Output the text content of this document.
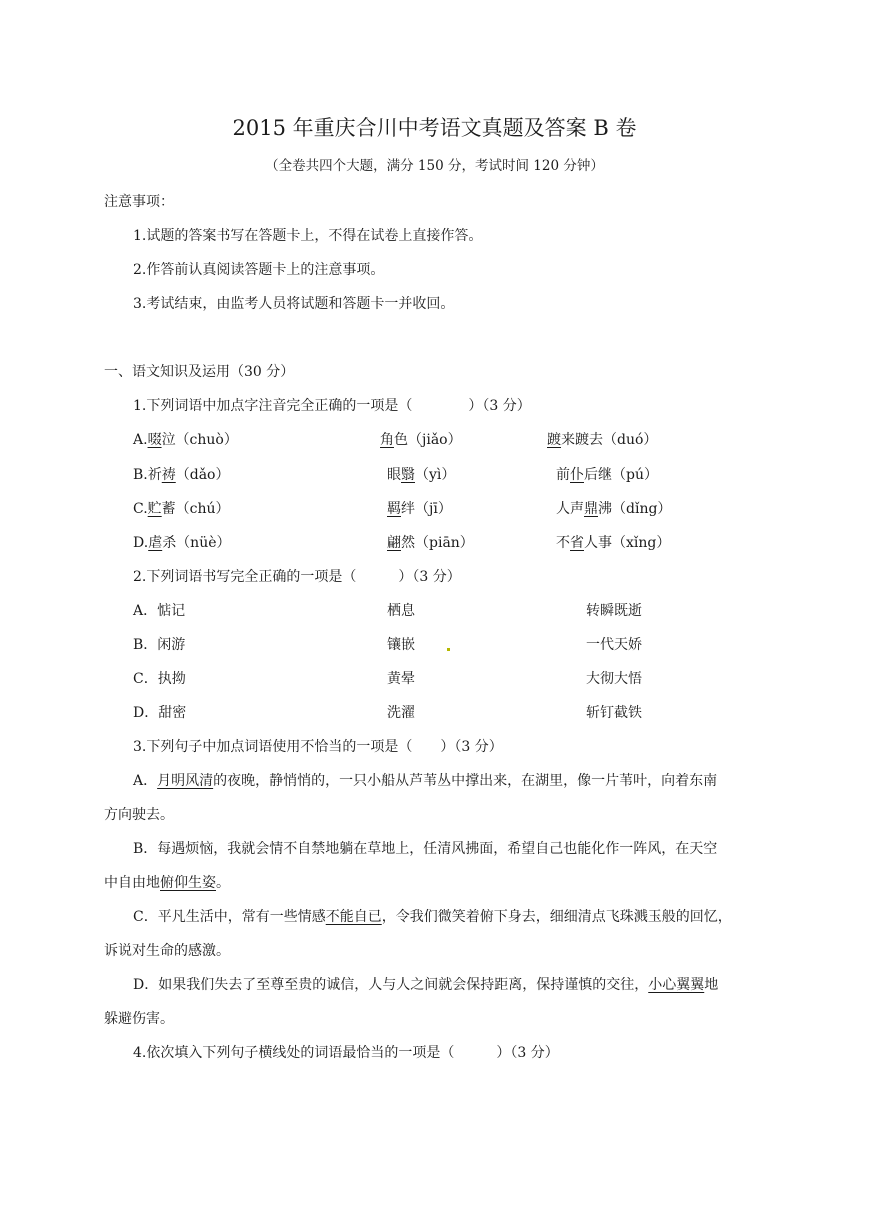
2015 年重庆合川中考语文真题及答案 B 卷
（全卷共四个大题，满分 150 分，考试时间 120 分钟）
注意事项：
1.试题的答案书写在答题卡上，不得在试卷上直接作答。
2.作答前认真阅读答题卡上的注意事项。
3.考试结束，由监考人员将试题和答题卡一并收回。
一、语文知识及运用（30 分）
1.下列词语中加点字注音完全正确的一项是（　　　　）（3 分）
A.啜泣（chuò）	角色（jiǎo）	踱来踱去（duó）
B.祈祷（dǎo）	眼翳（yì）	前仆后继（pú）
C.贮蓄（chú）	羁绊（jī）	人声鼎沸（dǐng）
D.虐杀（nüè）	翩然（piān）	不省人事（xǐng）
2.下列词语书写完全正确的一项是（　　　）（3 分）
A．惦记	栖息	转瞬既逝
B．闲游	镶嵌	一代天娇
C．执拗	黄晕	大彻大悟
D．甜密	洗濯	斩钉截铁
3.下列句子中加点词语使用不恰当的一项是（　　）（3 分）
A．月明风清的夜晚，静悄悄的，一只小船从芦苇丛中撑出来，在湖里，像一片苇叶，向着东南
方向驶去。
B．每遇烦恼，我就会情不自禁地躺在草地上，任清风拂面，希望自己也能化作一阵风，在天空
中自由地俯仰生姿。
C．平凡生活中，常有一些情感不能自已，令我们微笑着俯下身去，细细清点飞珠溅玉般的回忆，
诉说对生命的感激。
D．如果我们失去了至尊至贵的诚信，人与人之间就会保持距离，保持谨慎的交往，小心翼翼地
躲避伤害。
4.依次填入下列句子横线处的词语最恰当的一项是（　　　）（3 分）
